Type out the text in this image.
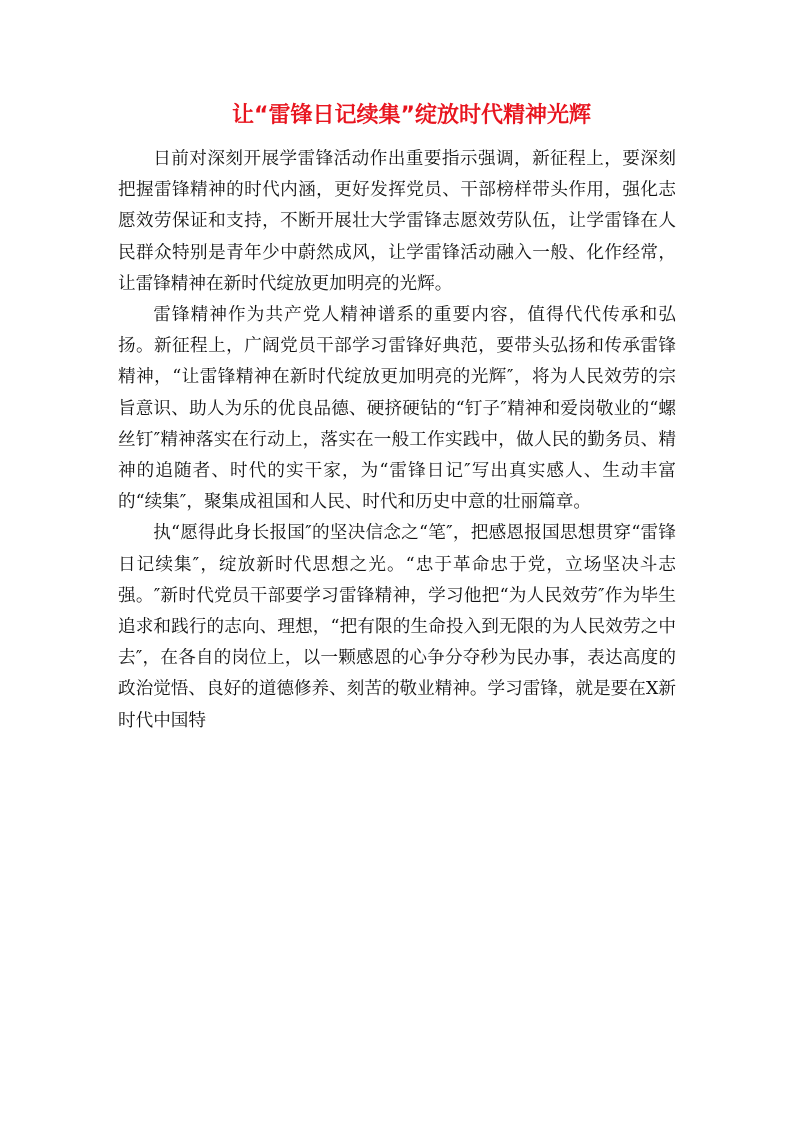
让“雷锋日记续集”绽放时代精神光辉

日前对深刻开展学雷锋活动作出重要指示强调，新征程上，要深刻把握雷锋精神的时代内涵，更好发挥党员、干部榜样带头作用，强化志愿效劳保证和支持，不断开展壮大学雷锋志愿效劳队伍，让学雷锋在人民群众特别是青年少中蔚然成风，让学雷锋活动融入一般、化作经常，让雷锋精神在新时代绽放更加明亮的光辉。

雷锋精神作为共产党人精神谱系的重要内容，值得代代传承和弘扬。新征程上，广阔党员干部学习雷锋好典范，要带头弘扬和传承雷锋精神，“让雷锋精神在新时代绽放更加明亮的光辉″，将为人民效劳的宗旨意识、助人为乐的优良品德、硬挤硬钻的“钉子″精神和爱岗敬业的“螺丝钉″精神落实在行动上，落实在一般工作实践中，做人民的勤务员、精神的追随者、时代的实干家，为“雷锋日记″写出真实感人、生动丰富的“续集″，聚集成祖国和人民、时代和历史中意的壮丽篇章。

执“愿得此身长报国″的坚决信念之“笔″，把感恩报国思想贯穿“雷锋日记续集″，绽放新时代思想之光。“忠于革命忠于党，立场坚决斗志强。″新时代党员干部要学习雷锋精神，学习他把“为人民效劳″作为毕生追求和践行的志向、理想，“把有限的生命投入到无限的为人民效劳之中去″，在各自的岗位上，以一颗感恩的心争分夺秒为民办事，表达高度的政治觉悟、良好的道德修养、刻苦的敬业精神。学习雷锋，就是要在X新时代中国特
